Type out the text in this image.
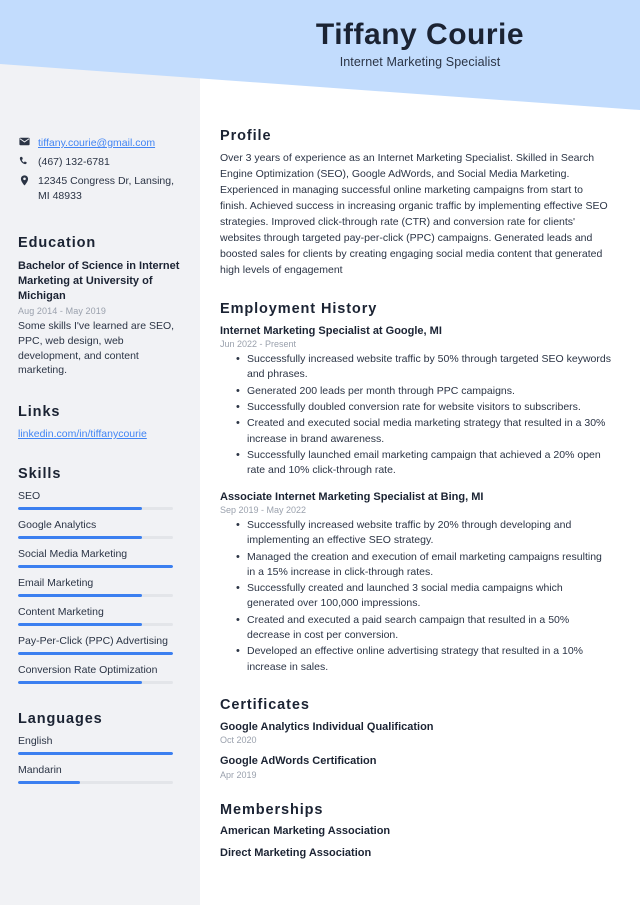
Tiffany Courie
Internet Marketing Specialist
tiffany.courie@gmail.com
(467) 132-6781
12345 Congress Dr, Lansing, MI 48933
Education
Bachelor of Science in Internet Marketing at University of Michigan
Aug 2014 - May 2019
Some skills I've learned are SEO, PPC, web design, web development, and content marketing.
Links
linkedin.com/in/tiffanycourie
Skills
SEO
Google Analytics
Social Media Marketing
Email Marketing
Content Marketing
Pay-Per-Click (PPC) Advertising
Conversion Rate Optimization
Languages
English
Mandarin
Profile
Over 3 years of experience as an Internet Marketing Specialist. Skilled in Search Engine Optimization (SEO), Google AdWords, and Social Media Marketing. Experienced in managing successful online marketing campaigns from start to finish. Achieved success in increasing organic traffic by implementing effective SEO strategies. Improved click-through rate (CTR) and conversion rate for clients' websites through targeted pay-per-click (PPC) campaigns. Generated leads and boosted sales for clients by creating engaging social media content that generated high levels of engagement
Employment History
Internet Marketing Specialist at Google, MI
Jun 2022 - Present
• Successfully increased website traffic by 50% through targeted SEO keywords and phrases.
• Generated 200 leads per month through PPC campaigns.
• Successfully doubled conversion rate for website visitors to subscribers.
• Created and executed social media marketing strategy that resulted in a 30% increase in brand awareness.
• Successfully launched email marketing campaign that achieved a 20% open rate and 10% click-through rate.
Associate Internet Marketing Specialist at Bing, MI
Sep 2019 - May 2022
• Successfully increased website traffic by 20% through developing and implementing an effective SEO strategy.
• Managed the creation and execution of email marketing campaigns resulting in a 15% increase in click-through rates.
• Successfully created and launched 3 social media campaigns which generated over 100,000 impressions.
• Created and executed a paid search campaign that resulted in a 50% decrease in cost per conversion.
• Developed an effective online advertising strategy that resulted in a 10% increase in sales.
Certificates
Google Analytics Individual Qualification
Oct 2020
Google AdWords Certification
Apr 2019
Memberships
American Marketing Association
Direct Marketing Association
